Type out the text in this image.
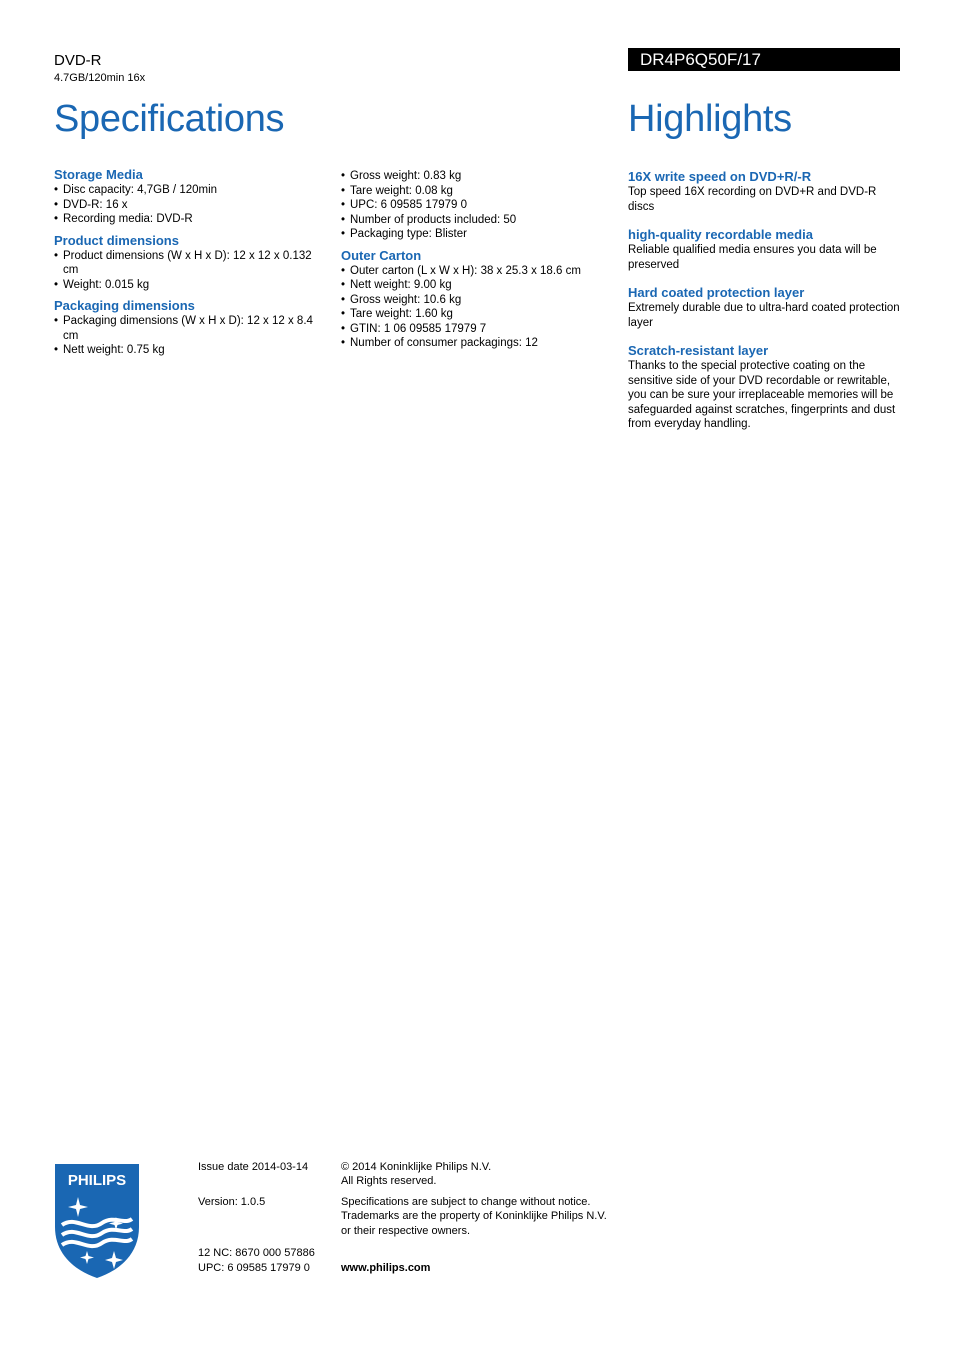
DVD-R
4.7GB/120min 16x
Specifications
DR4P6Q50F/17
Highlights
Storage Media
• Disc capacity: 4,7GB / 120min
• DVD-R: 16 x
• Recording media: DVD-R
Product dimensions
• Product dimensions (W x H x D): 12 x 12 x 0.132 cm
• Weight: 0.015 kg
Packaging dimensions
• Packaging dimensions (W x H x D): 12 x 12 x 8.4 cm
• Nett weight: 0.75 kg
• Gross weight: 0.83 kg
• Tare weight: 0.08 kg
• UPC: 6 09585 17979 0
• Number of products included: 50
• Packaging type: Blister
Outer Carton
• Outer carton (L x W x H): 38 x 25.3 x 18.6 cm
• Nett weight: 9.00 kg
• Gross weight: 10.6 kg
• Tare weight: 1.60 kg
• GTIN: 1 06 09585 17979 7
• Number of consumer packagings: 12
16X write speed on DVD+R/-R
Top speed 16X recording on DVD+R and DVD-R discs
high-quality recordable media
Reliable qualified media ensures you data will be preserved
Hard coated protection layer
Extremely durable due to ultra-hard coated protection layer
Scratch-resistant layer
Thanks to the special protective coating on the sensitive side of your DVD recordable or rewritable, you can be sure your irreplaceable memories will be safeguarded against scratches, fingerprints and dust from everyday handling.
PHILIPS
Issue date 2014-03-14
Version: 1.0.5
12 NC: 8670 000 57886
UPC: 6 09585 17979 0
© 2014 Koninklijke Philips N.V.
All Rights reserved.
Specifications are subject to change without notice.
Trademarks are the property of Koninklijke Philips N.V.
or their respective owners.
www.philips.com
